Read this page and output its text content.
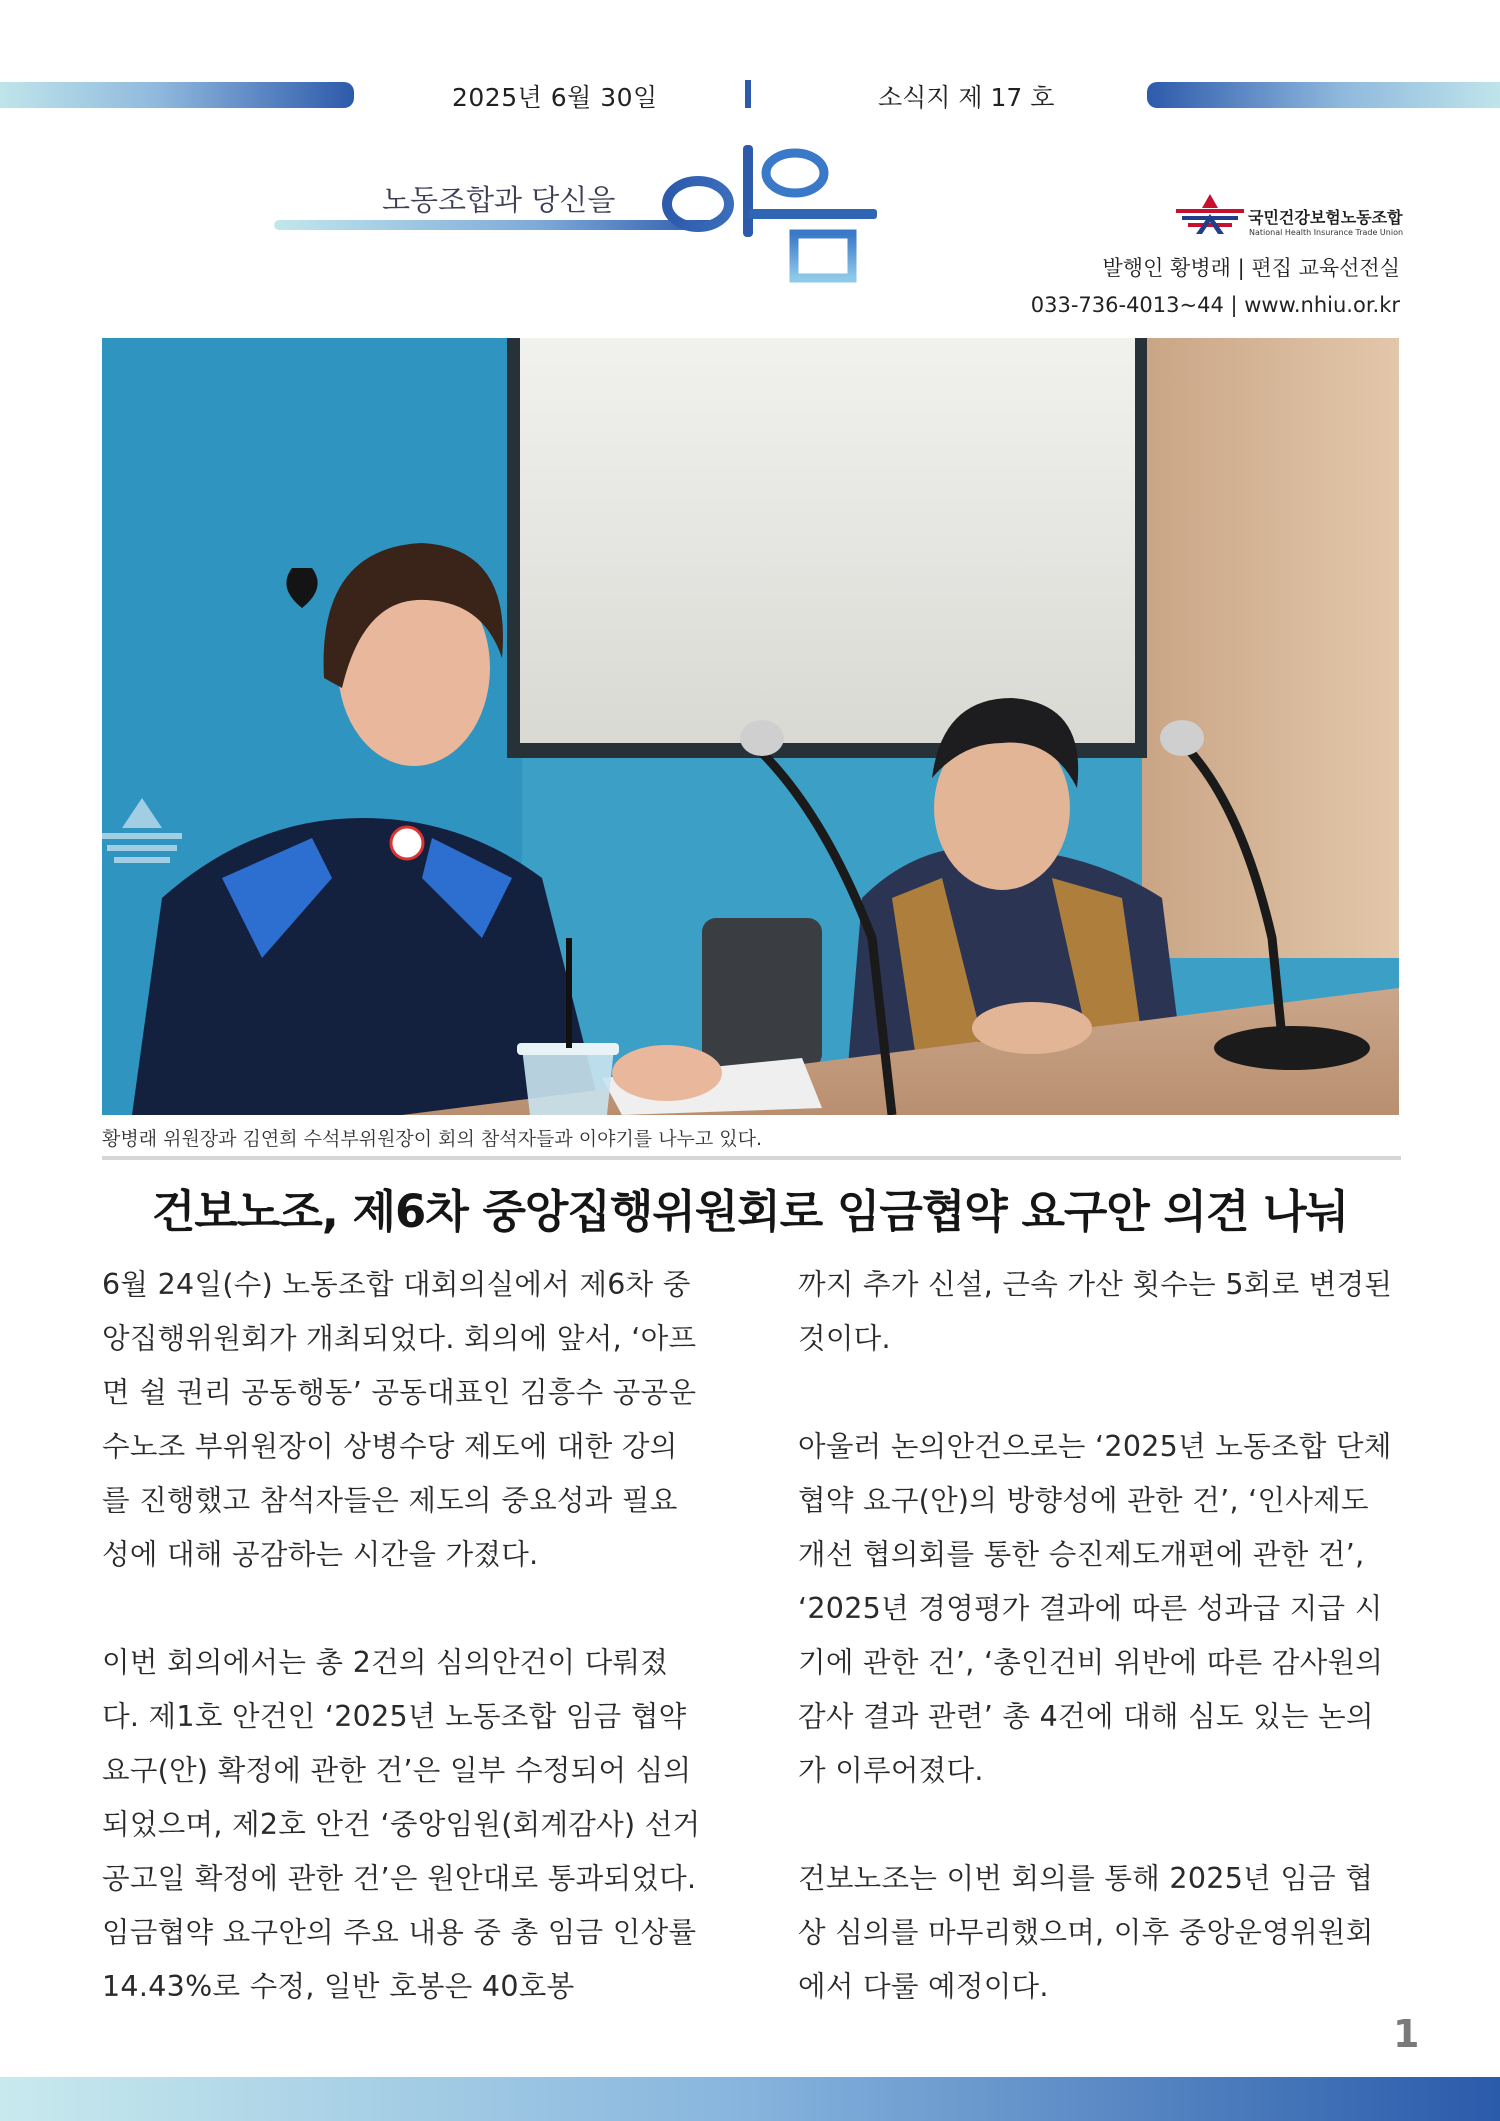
2025년 6월 30일	소식지 제 17 호
노동조합과 당신을
국민건강보험노동조합
National Health Insurance Trade Union
발행인 황병래 | 편집 교육선전실
033-736-4013~44 | www.nhiu.or.kr
황병래 위원장과 김연희 수석부위원장이 회의 참석자들과 이야기를 나누고 있다.
건보노조, 제6차 중앙집행위원회로 임금협약 요구안 의견 나눠

6월 24일(수) 노동조합 대회의실에서 제6차 중앙집행위원회가 개최되었다. 회의에 앞서, ‘아프면 쉴 권리 공동행동’ 공동대표인 김흥수 공공운수노조 부위원장이 상병수당 제도에 대한 강의를 진행했고 참석자들은 제도의 중요성과 필요성에 대해 공감하는 시간을 가졌다.

이번 회의에서는 총 2건의 심의안건이 다뤄졌다. 제1호 안건인 ‘2025년 노동조합 임금 협약 요구(안) 확정에 관한 건’은 일부 수정되어 심의되었으며, 제2호 안건 ‘중앙임원(회계감사) 선거공고일 확정에 관한 건’은 원안대로 통과되었다. 임금협약 요구안의 주요 내용 중 총 임금 인상률 14.43%로 수정, 일반 호봉은 40호봉

까지 추가 신설, 근속 가산 횟수는 5회로 변경된 것이다.

아울러 논의안건으로는 ‘2025년 노동조합 단체협약 요구(안)의 방향성에 관한 건’, ‘인사제도 개선 협의회를 통한 승진제도개편에 관한 건’, ‘2025년 경영평가 결과에 따른 성과급 지급 시기에 관한 건’, ‘총인건비 위반에 따른 감사원의 감사 결과 관련’ 총 4건에 대해 심도 있는 논의가 이루어졌다.

건보노조는 이번 회의를 통해 2025년 임금 협상 심의를 마무리했으며, 이후 중앙운영위원회에서 다룰 예정이다.

1
